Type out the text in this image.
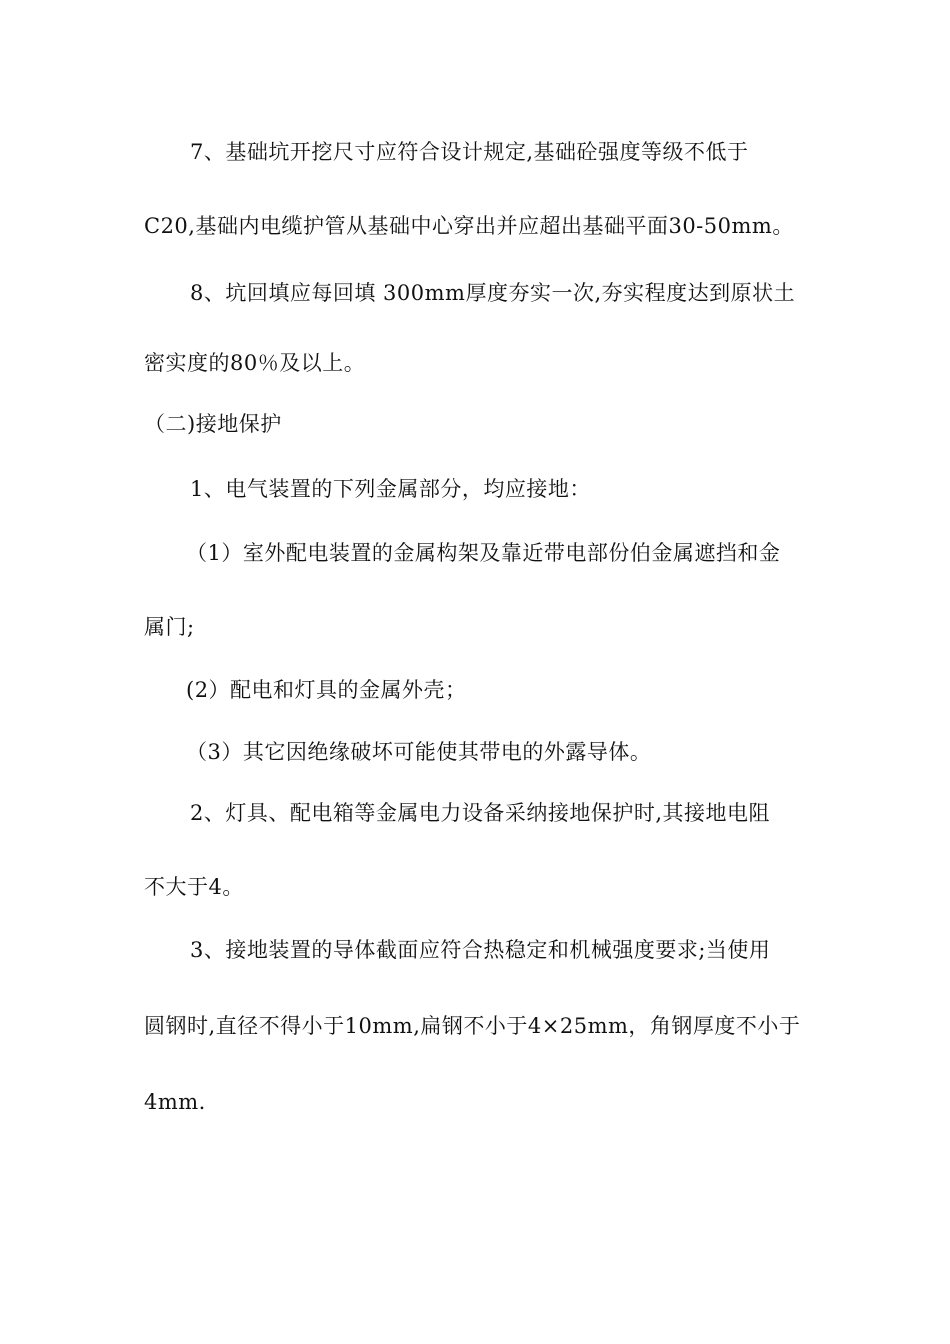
7、基础坑开挖尺寸应符合设计规定,基础砼强度等级不低于
C20,基础内电缆护管从基础中心穿出并应超出基础平面30-50mm。
8、坑回填应每回填 300mm厚度夯实一次,夯实程度达到原状土
密实度的80％及以上。
（二)接地保护
1、电气装置的下列金属部分，均应接地：
（1）室外配电装置的金属构架及靠近带电部份伯金属遮挡和金
属门;
(2）配电和灯具的金属外壳；
（3）其它因绝缘破坏可能使其带电的外露导体。
2、灯具、配电箱等金属电力设备采纳接地保护时,其接地电阻
不大于4。
3、接地装置的导体截面应符合热稳定和机械强度要求;当使用
圆钢时,直径不得小于10mm,扁钢不小于4×25mm，角钢厚度不小于
4mm.
